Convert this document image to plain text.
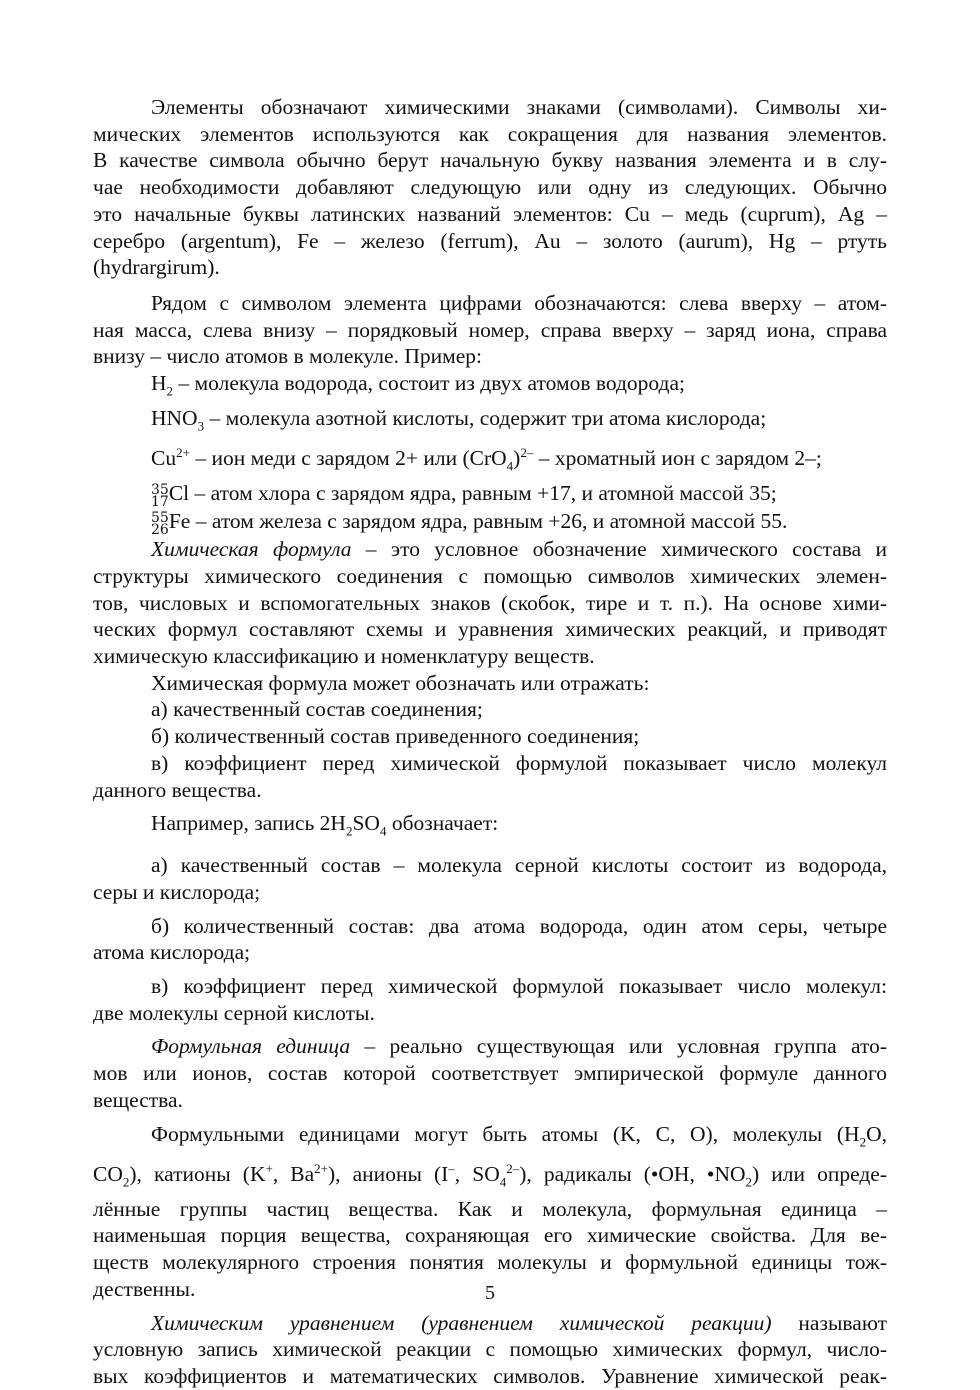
Элементы обозначают химическими знаками (символами). Символы хи-

мических элементов используются как сокращения для названия элементов.

В качестве символа обычно берут начальную букву названия элемента и в слу-

чае необходимости добавляют следующую или одну из следующих. Обычно

это начальные буквы латинских названий элементов: Cu – медь (cuprum), Ag –

серебро (argentum), Fe – железо (ferrum), Au – золото (aurum), Hg – ртуть

(hydrargirum).

Рядом с символом элемента цифрами обозначаются: слева вверху – атом-

ная масса, слева внизу – порядковый номер, справа вверху – заряд иона, справа

внизу – число атомов в молекуле. Пример:

$H_2$ – молекула водорода, состоит из двух атомов водорода;

$HNO_3$ – молекула азотной кислоты, содержит три атома кислорода;

$Cu^{2+}$ – ион меди с зарядом 2+ или $(CrO_4)^{2-}$ – хроматный ион с зарядом 2–;

35
17 Cl – атом хлора с зарядом ядра, равным +17, и атомной массой 35;

55
26 Fe – атом железа с зарядом ядра, равным +26, и атомной массой 55.

Химическая формула – это условное обозначение химического состава и

структуры химического соединения с помощью символов химических элемен-

тов, числовых и вспомогательных знаков (скобок, тире и т. п.). На основе хими-

ческих формул составляют схемы и уравнения химических реакций, и приводят

химическую классификацию и номенклатуру веществ.

Химическая формула может обозначать или отражать:

а) качественный состав соединения;

б) количественный состав приведенного соединения;

в) коэффициент перед химической формулой показывает число молекул

данного вещества.

Например, запись $2H_2SO_4$ обозначает:

а) качественный состав – молекула серной кислоты состоит из водорода,

серы и кислорода;

б) количественный состав: два атома водорода, один атом серы, четыре

атома кислорода;

в) коэффициент перед химической формулой показывает число молекул:

две молекулы серной кислоты.

Формульная единица – реально существующая или условная группа ато-

мов или ионов, состав которой соответствует эмпирической формуле данного

вещества.

Формульными единицами могут быть атомы (K, C, O), молекулы ($H_2O$,

$CO_2$), катионы (K+, $Ba^{2+}$), анионы (I–, $SO_4^{2-}$), радикалы (•OH, $•NO_2$) или опреде-

лённые группы частиц вещества. Как и молекула, формульная единица –

наименьшая порция вещества, сохраняющая его химические свойства. Для ве-

ществ молекулярного строения понятия молекулы и формульной единицы тож-

дественны.

Химическим уравнением (уравнением химической реакции) называют

условную запись химической реакции с помощью химических формул, число-

вых коэффициентов и математических символов. Уравнение химической реак-

5
